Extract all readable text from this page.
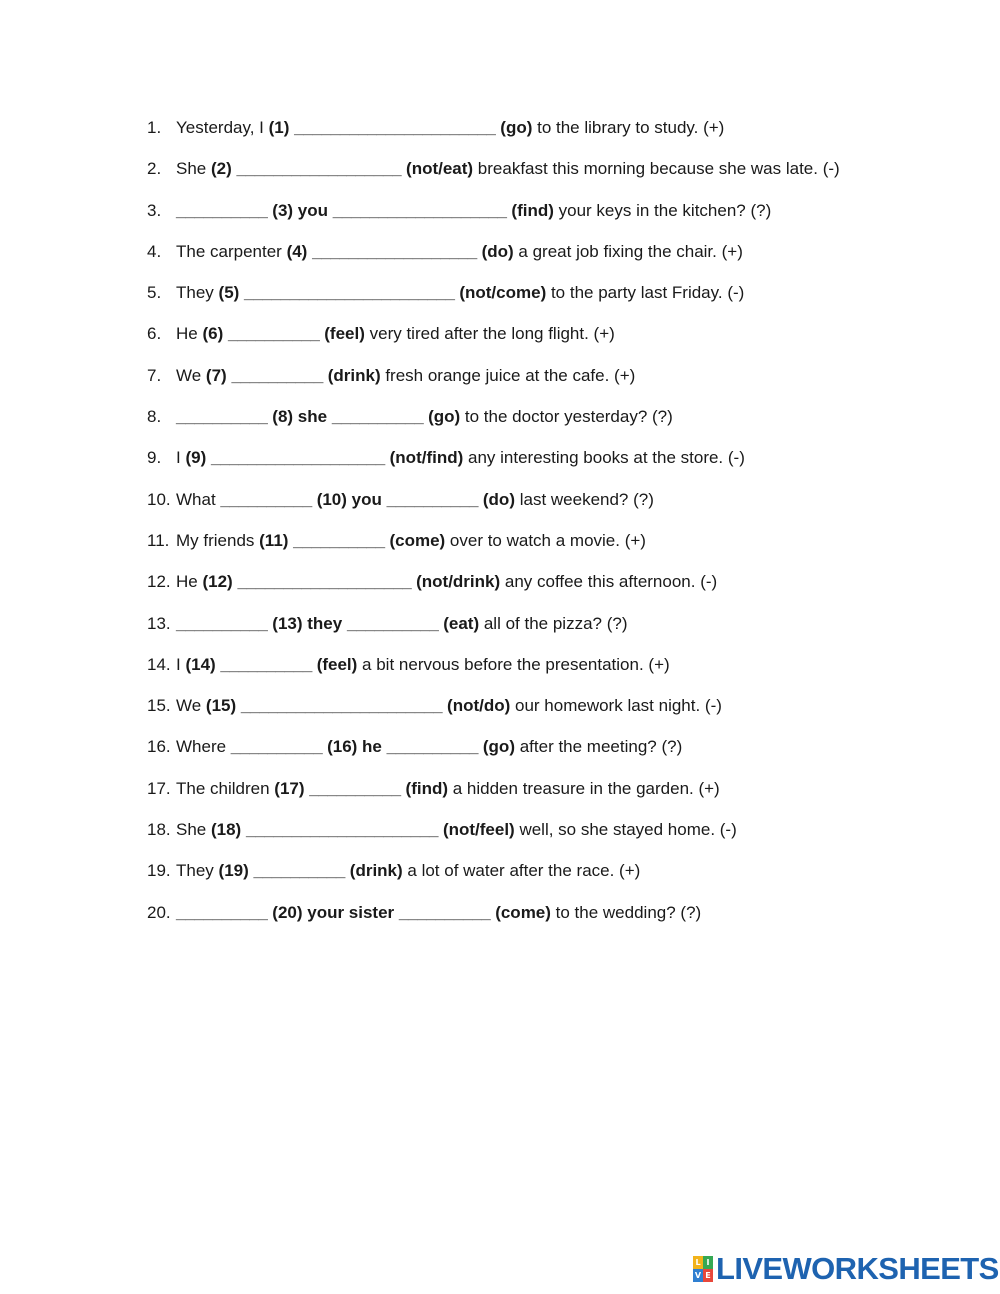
1. Yesterday, I (1) ______________________ (go) to the library to study. (+)
2. She (2) __________________ (not/eat) breakfast this morning because she was late. (-)
3. __________ (3) you ___________________ (find) your keys in the kitchen? (?)
4. The carpenter (4) __________________ (do) a great job fixing the chair. (+)
5. They (5) _______________________ (not/come) to the party last Friday. (-)
6. He (6) __________ (feel) very tired after the long flight. (+)
7. We (7) __________ (drink) fresh orange juice at the cafe. (+)
8. __________ (8) she __________ (go) to the doctor yesterday? (?)
9. I (9) ___________________ (not/find) any interesting books at the store. (-)
10. What __________ (10) you __________ (do) last weekend? (?)
11. My friends (11) __________ (come) over to watch a movie. (+)
12. He (12) ___________________ (not/drink) any coffee this afternoon. (-)
13. __________ (13) they __________ (eat) all of the pizza? (?)
14. I (14) __________ (feel) a bit nervous before the presentation. (+)
15. We (15) ______________________ (not/do) our homework last night. (-)
16. Where __________ (16) he __________ (go) after the meeting? (?)
17. The children (17) __________ (find) a hidden treasure in the garden. (+)
18. She (18) _____________________ (not/feel) well, so she stayed home. (-)
19. They (19) __________ (drink) a lot of water after the race. (+)
20. __________ (20) your sister __________ (come) to the wedding? (?)
L I
V E LIVEWORKSHEETS
